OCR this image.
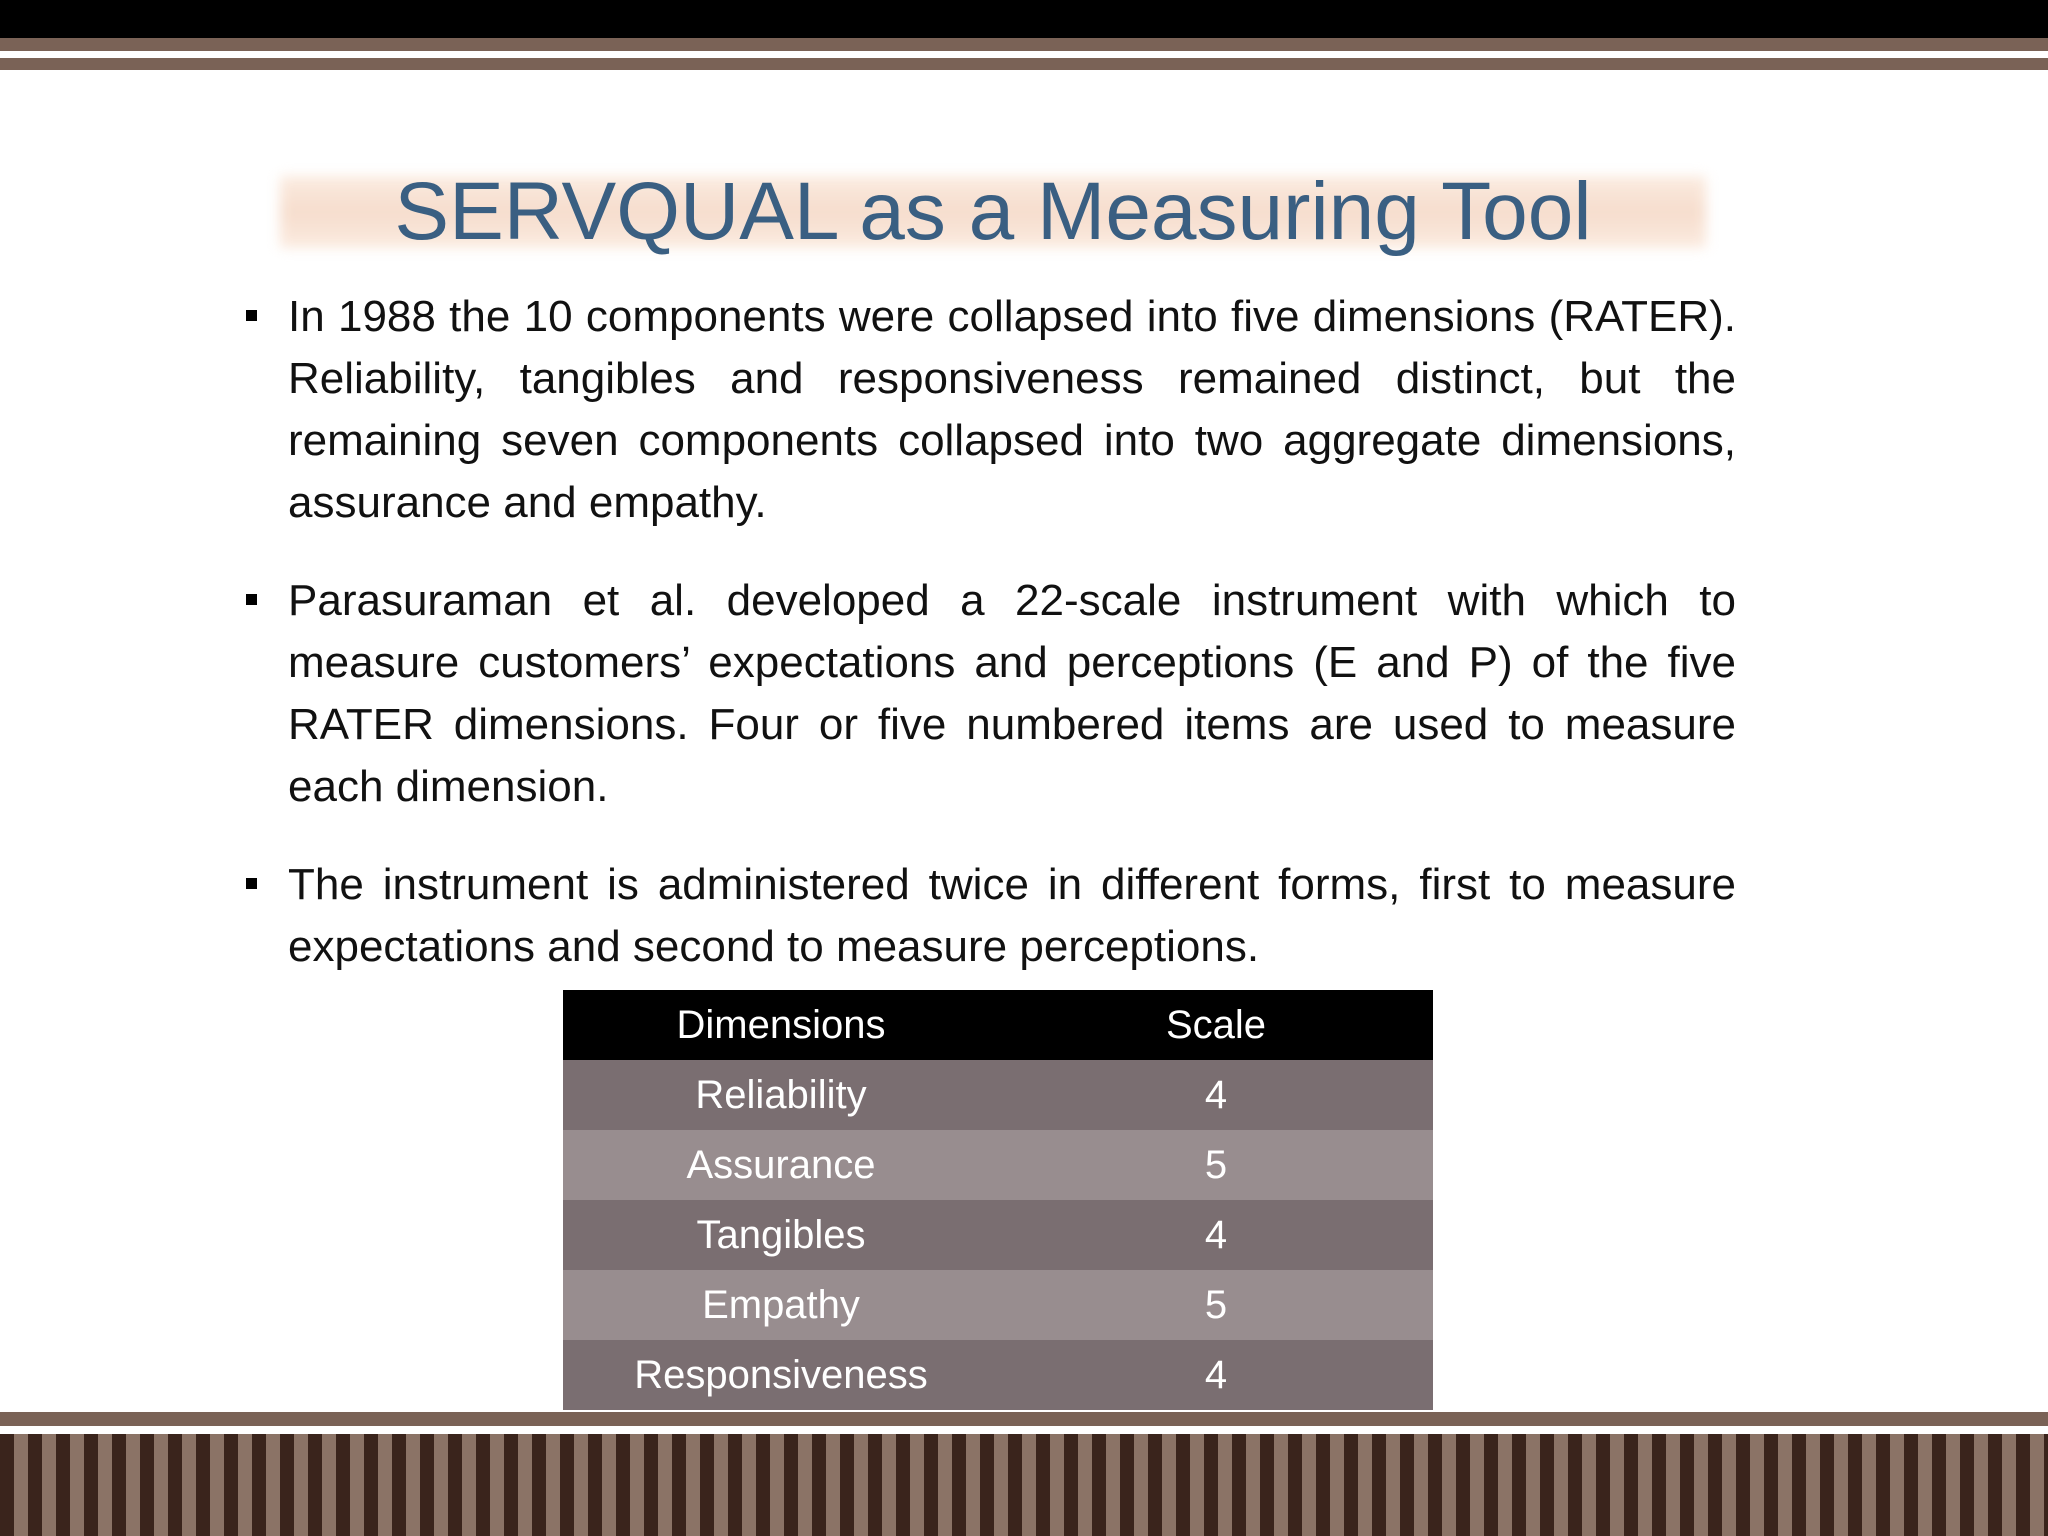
SERVQUAL as a Measuring Tool
In 1988 the 10 components were collapsed into five dimensions (RATER). Reliability, tangibles and responsiveness remained distinct, but the remaining seven components collapsed into two aggregate dimensions, assurance and empathy.
Parasuraman et al. developed a 22-scale instrument with which to measure customers’ expectations and perceptions (E and P) of the five RATER dimensions. Four or five numbered items are used to measure each dimension.
The instrument is administered twice in different forms, first to measure expectations and second to measure perceptions.
Dimensions	Scale
Reliability	4
Assurance	5
Tangibles	4
Empathy	5
Responsiveness	4
